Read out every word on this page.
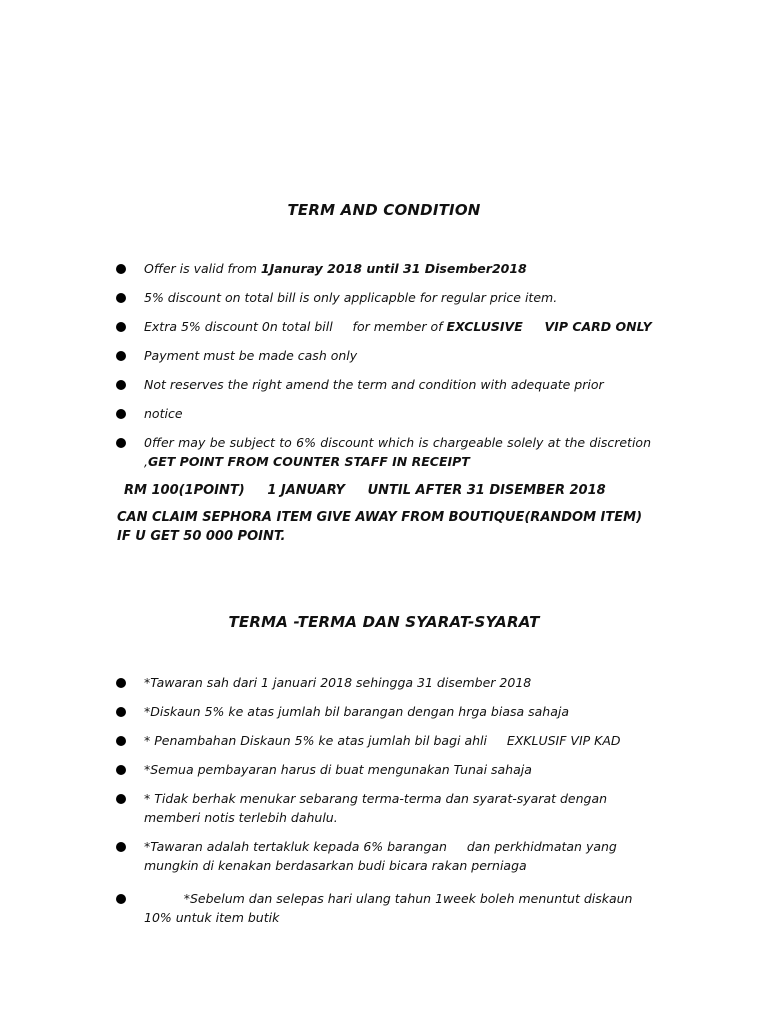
TERM AND CONDITION
Offer is valid from 1Januray 2018 until 31 Disember2018
5% discount on total bill is only applicapble for regular price item.
Extra 5% discount 0n total bill     for member of EXCLUSIVE     VIP CARD ONLY
Payment must be made cash only
Not reserves the right amend the term and condition with adequate prior
notice
0ffer may be subject to 6% discount which is chargeable solely at the discretion ,GET POINT FROM COUNTER STAFF IN RECEIPT
RM 100(1POINT)     1 JANUARY     UNTIL AFTER 31 DISEMBER 2018
CAN CLAIM SEPHORA ITEM GIVE AWAY FROM BOUTIQUE(RANDOM ITEM) IF U GET 50 000 POINT.
TERMA -TERMA DAN SYARAT-SYARAT
*Tawaran sah dari 1 januari 2018 sehingga 31 disember 2018
*Diskaun 5% ke atas jumlah bil barangan dengan hrga biasa sahaja
* Penambahan Diskaun 5% ke atas jumlah bil bagi ahli     EXKLUSIF VIP KAD
*Semua pembayaran harus di buat mengunakan Tunai sahaja
* Tidak berhak menukar sebarang terma-terma dan syarat-syarat dengan memberi notis terlebih dahulu.
*Tawaran adalah tertakluk kepada 6% barangan     dan perkhidmatan yang mungkin di kenakan berdasarkan budi bicara rakan perniaga
*Sebelum dan selepas hari ulang tahun 1week boleh menuntut diskaun 10% untuk item butik
